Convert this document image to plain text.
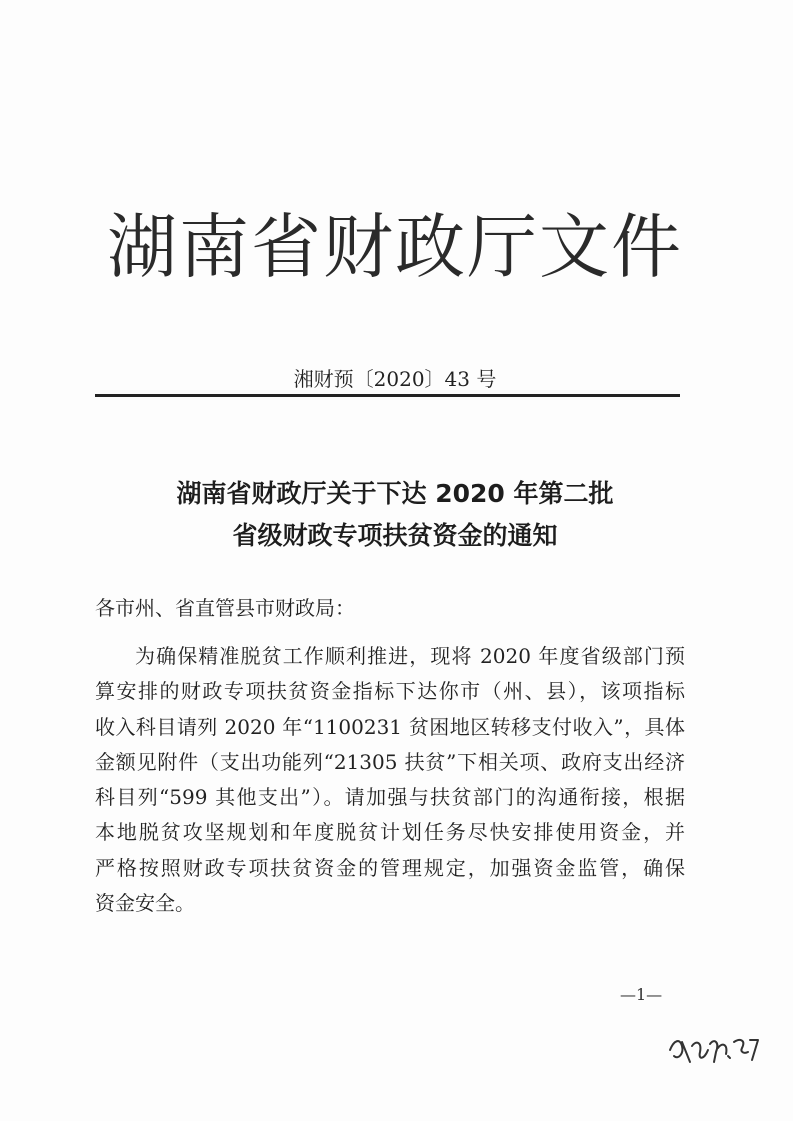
湖南省财政厅文件
湘财预〔2020〕43 号
湖南省财政厅关于下达 2020 年第二批
省级财政专项扶贫资金的通知
各市州、省直管县市财政局：
为确保精准脱贫工作顺利推进，现将 2020 年度省级部门预
算安排的财政专项扶贫资金指标下达你市（州、县），该项指标
收入科目请列 2020 年“1100231 贫困地区转移支付收入”，具体
金额见附件（支出功能列“21305 扶贫”下相关项、政府支出经济
科目列“599 其他支出”）。请加强与扶贫部门的沟通衔接，根据
本地脱贫攻坚规划和年度脱贫计划任务尽快安排使用资金，并
严格按照财政专项扶贫资金的管理规定，加强资金监管，确保
资金安全。
—1—
